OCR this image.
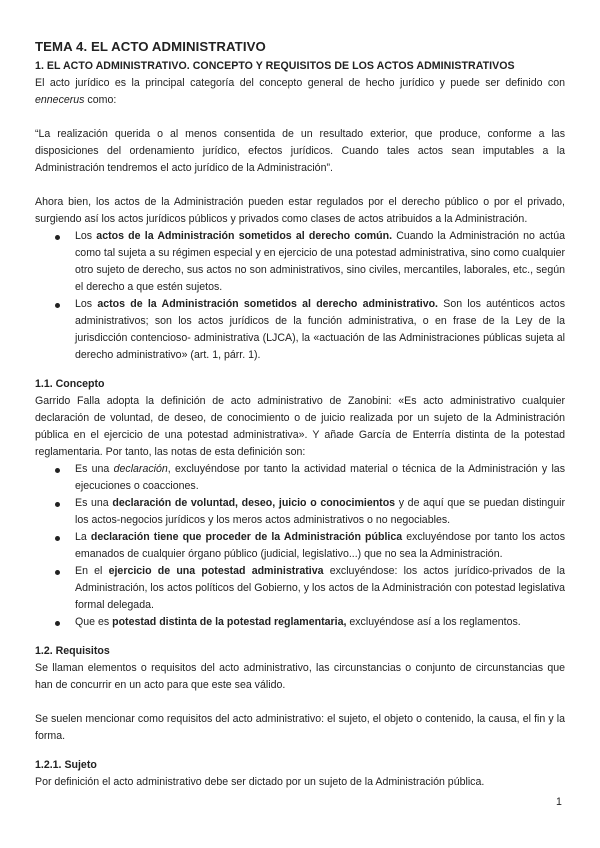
TEMA 4. EL ACTO ADMINISTRATIVO
1. EL ACTO ADMINISTRATIVO. CONCEPTO Y REQUISITOS DE LOS ACTOS ADMINISTRATIVOS

El acto jurídico es la principal categoría del concepto general de hecho jurídico y puede ser definido con ennecerus como:

“La realización querida o al menos consentida de un resultado exterior, que produce, conforme a las disposiciones del ordenamiento jurídico, efectos jurídicos. Cuando tales actos sean imputables a la Administración tendremos el acto jurídico de la Administración”.

Ahora bien, los actos de la Administración pueden estar regulados por el derecho público o por el privado, surgiendo así los actos jurídicos públicos y privados como clases de actos atribuidos a la Administración.

Los actos de la Administración sometidos al derecho común. Cuando la Administración no actúa como tal sujeta a su régimen especial y en ejercicio de una potestad administrativa, sino como cualquier otro sujeto de derecho, sus actos no son administrativos, sino civiles, mercantiles, laborales, etc., según el derecho a que estén sujetos.
Los actos de la Administración sometidos al derecho administrativo. Son los auténticos actos administrativos; son los actos jurídicos de la función administrativa, o en frase de la Ley de la jurisdicción contencioso- administrativa (LJCA), la «actuación de las Administraciones públicas sujeta al derecho administrativo» (art. 1, párr. 1).
1.1. Concepto

Garrido Falla adopta la definición de acto administrativo de Zanobini: «Es acto administrativo cualquier declaración de voluntad, de deseo, de conocimiento o de juicio realizada por un sujeto de la Administración pública en el ejercicio de una potestad administrativa». Y añade García de Enterría distinta de la potestad reglamentaria. Por tanto, las notas de esta definición son:

Es una declaración, excluyéndose por tanto la actividad material o técnica de la Administración y las ejecuciones o coacciones.
Es una declaración de voluntad, deseo, juicio o conocimientos y de aquí que se puedan distinguir los actos-negocios jurídicos y los meros actos administrativos o no negociables.
La declaración tiene que proceder de la Administración pública excluyéndose por tanto los actos emanados de cualquier órgano público (judicial, legislativo...) que no sea la Administración.
En el ejercicio de una potestad administrativa excluyéndose: los actos jurídico-privados de la Administración, los actos políticos del Gobierno, y los actos de la Administración con potestad legislativa formal delegada.
Que es potestad distinta de la potestad reglamentaria, excluyéndose así a los reglamentos.
1.2. Requisitos

Se llaman elementos o requisitos del acto administrativo, las circunstancias o conjunto de circunstancias que han de concurrir en un acto para que este sea válido.

Se suelen mencionar como requisitos del acto administrativo: el sujeto, el objeto o contenido, la causa, el fin y la forma.

1.2.1. Sujeto

Por definición el acto administrativo debe ser dictado por un sujeto de la Administración pública.

1
